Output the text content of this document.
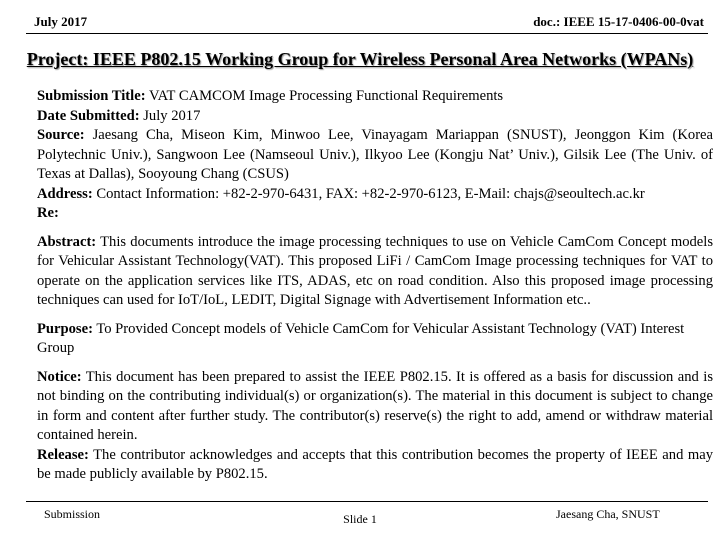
July 2017	doc.: IEEE 15-17-0406-00-0vat
Project: IEEE P802.15 Working Group for Wireless Personal Area Networks (WPANs)

Submission Title: VAT CAMCOM Image Processing Functional Requirements

Date Submitted: July 2017

Source: Jaesang Cha, Miseon Kim, Minwoo Lee, Vinayagam Mariappan (SNUST), Jeonggon Kim (Korea Polytechnic Univ.), Sangwoon Lee (Namseoul Univ.), Ilkyoo Lee (Kongju Nat’ Univ.), Gilsik Lee (The Univ. of Texas at Dallas), Sooyoung Chang (CSUS)

Address: Contact Information: +82-2-970-6431, FAX: +82-2-970-6123, E-Mail: chajs@seoultech.ac.kr

Re:

Abstract: This documents introduce the image processing techniques to use on Vehicle CamCom Concept models for Vehicular Assistant Technology(VAT). This proposed LiFi / CamCom Image processing techniques for VAT to operate on the application services like ITS, ADAS, etc on road condition. Also this proposed image processing techniques can used for IoT/IoL, LEDIT, Digital Signage with Advertisement Information etc..

Purpose: To Provided Concept models of Vehicle CamCom for Vehicular Assistant Technology (VAT) Interest Group

Notice: This document has been prepared to assist the IEEE P802.15. It is offered as a basis for discussion and is not binding on the contributing individual(s) or organization(s). The material in this document is subject to change in form and content after further study. The contributor(s) reserve(s) the right to add, amend or withdraw material contained herein.

Release: The contributor acknowledges and accepts that this contribution becomes the property of IEEE and may be made publicly available by P802.15.

Submission	Slide 1	Jaesang Cha, SNUST
